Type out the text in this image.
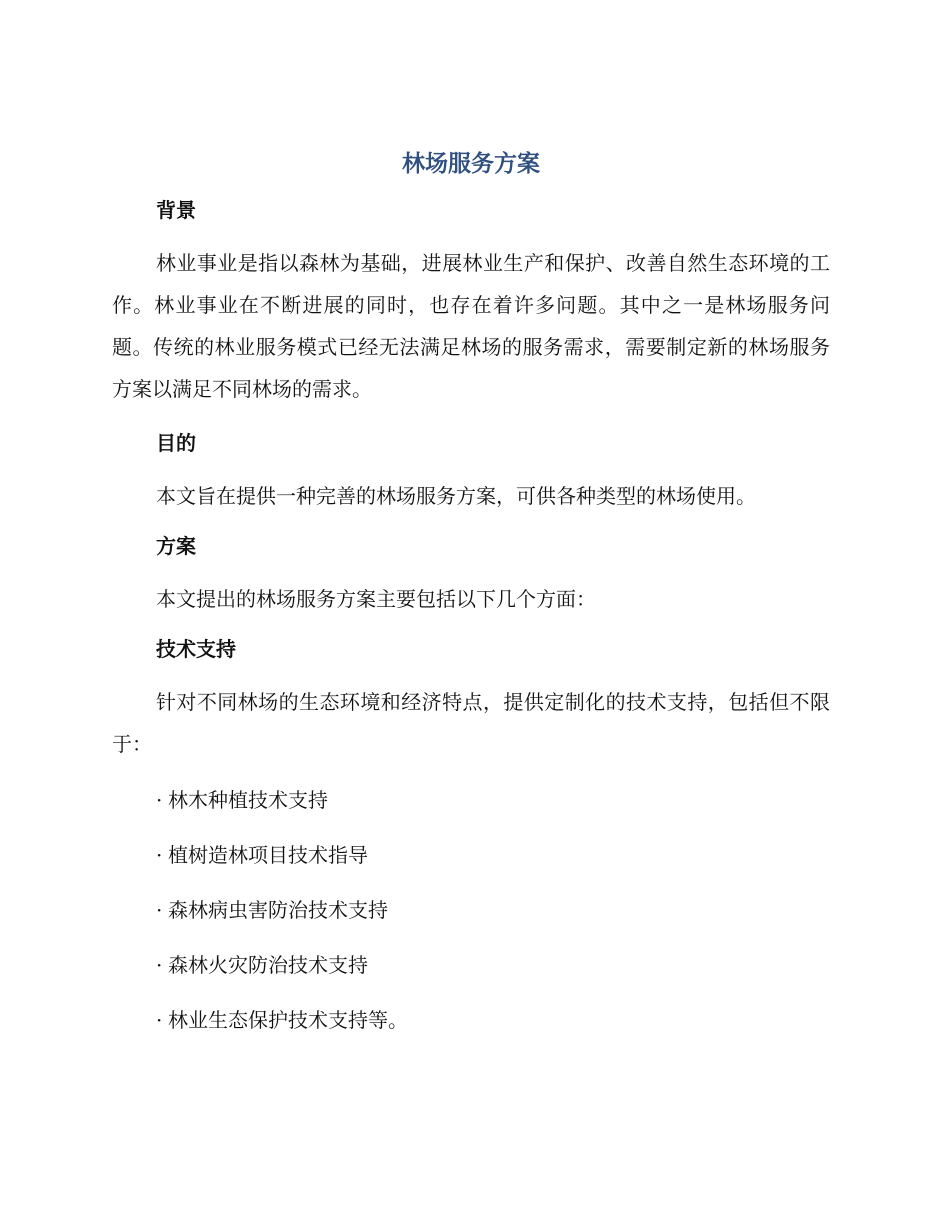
林场服务方案
背景

林业事业是指以森林为基础，进展林业生产和保护、改善自然生态环境的工作。林业事业在不断进展的同时，也存在着许多问题。其中之一是林场服务问题。传统的林业服务模式已经无法满足林场的服务需求，需要制定新的林场服务方案以满足不同林场的需求。

目的

本文旨在提供一种完善的林场服务方案，可供各种类型的林场使用。

方案

本文提出的林场服务方案主要包括以下几个方面：

技术支持

针对不同林场的生态环境和经济特点，提供定制化的技术支持，包括但不限于：

· 林木种植技术支持
· 植树造林项目技术指导
· 森林病虫害防治技术支持
· 森林火灾防治技术支持
· 林业生态保护技术支持等。
